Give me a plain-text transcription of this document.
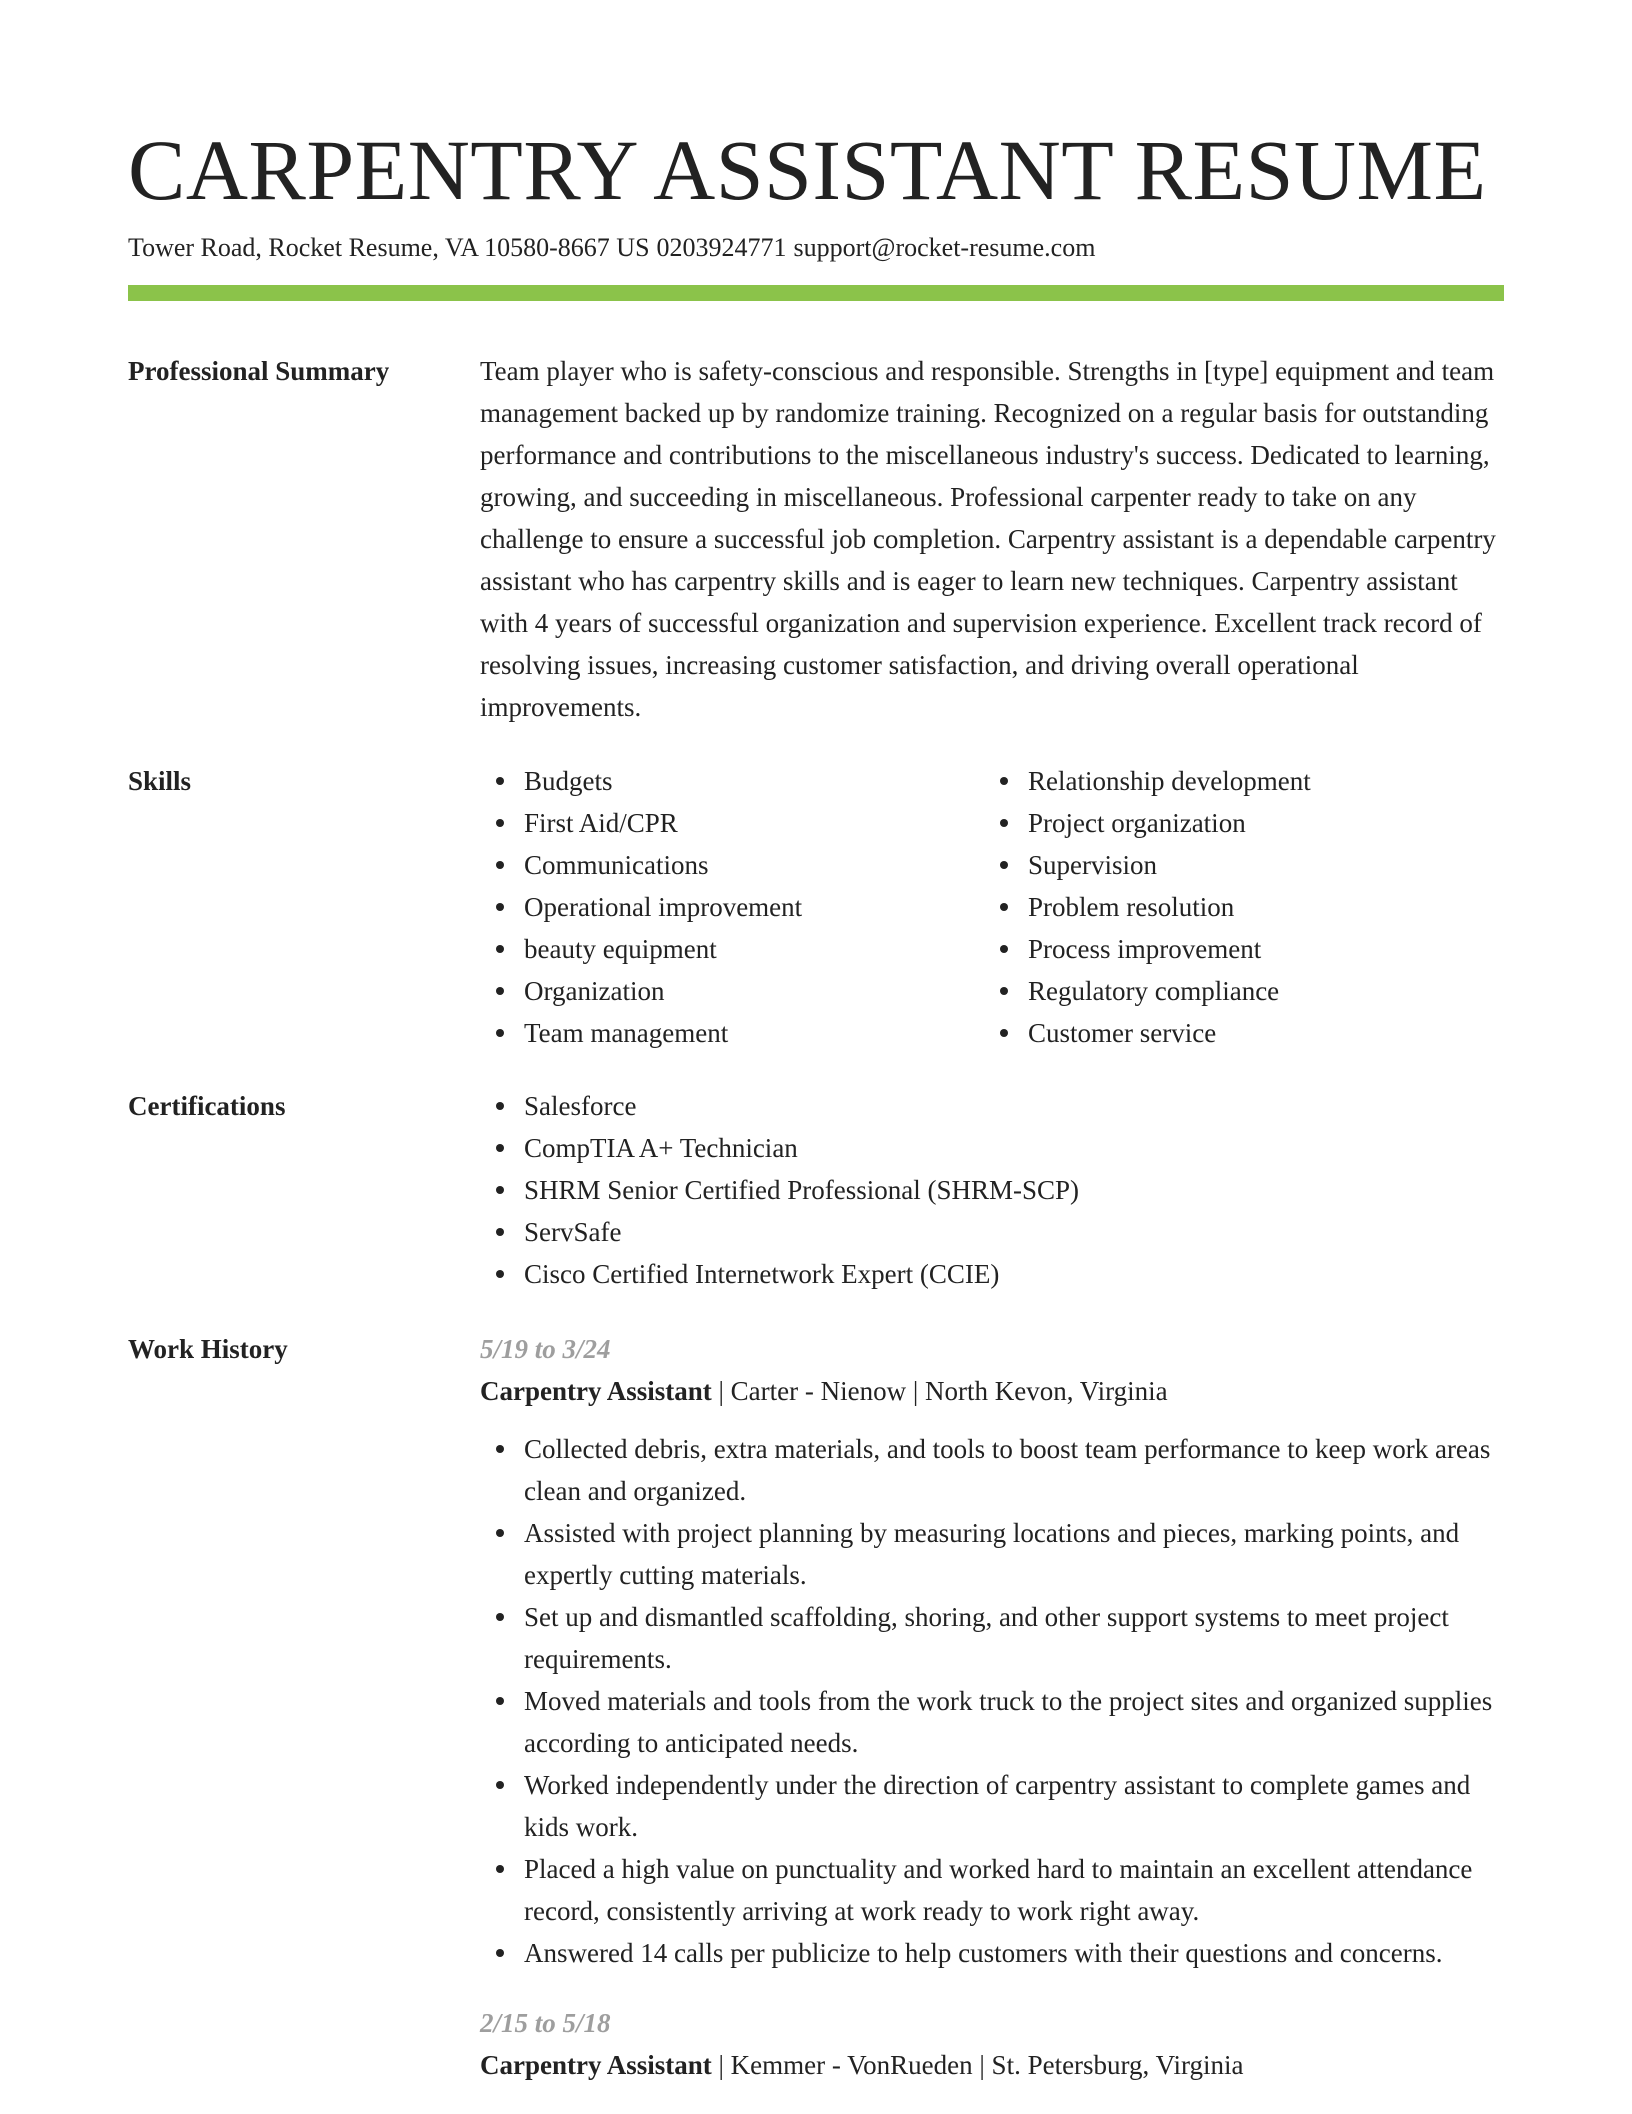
CARPENTRY ASSISTANT RESUME
Tower Road, Rocket Resume, VA 10580-8667 US 0203924771 support@rocket-resume.com
Professional Summary	Team player who is safety-conscious and responsible. Strengths in [type] equipment and team management backed up by randomize training. Recognized on a regular basis for outstanding performance and contributions to the miscellaneous industry's success. Dedicated to learning, growing, and succeeding in miscellaneous. Professional carpenter ready to take on any challenge to ensure a successful job completion. Carpentry assistant is a dependable carpentry assistant who has carpentry skills and is eager to learn new techniques. Carpentry assistant with 4 years of successful organization and supervision experience. Excellent track record of resolving issues, increasing customer satisfaction, and driving overall operational improvements.

Skills	Budgets
First Aid/CPR
Communications
Operational improvement
beauty equipment
Organization
Team management
Relationship development
Project organization
Supervision
Problem resolution
Process improvement
Regulatory compliance
Customer service
Certifications	Salesforce
CompTIA A+ Technician
SHRM Senior Certified Professional (SHRM-SCP)
ServSafe
Cisco Certified Internetwork Expert (CCIE)
Work History	5/19 to 3/24
Carpentry Assistant | Carter - Nienow | North Kevon, Virginia
Collected debris, extra materials, and tools to boost team performance to keep work areas clean and organized.
Assisted with project planning by measuring locations and pieces, marking points, and expertly cutting materials.
Set up and dismantled scaffolding, shoring, and other support systems to meet project requirements.
Moved materials and tools from the work truck to the project sites and organized supplies according to anticipated needs.
Worked independently under the direction of carpentry assistant to complete games and kids work.
Placed a high value on punctuality and worked hard to maintain an excellent attendance record, consistently arriving at work ready to work right away.
Answered 14 calls per publicize to help customers with their questions and concerns.
2/15 to 5/18
Carpentry Assistant | Kemmer - VonRueden | St. Petersburg, Virginia
